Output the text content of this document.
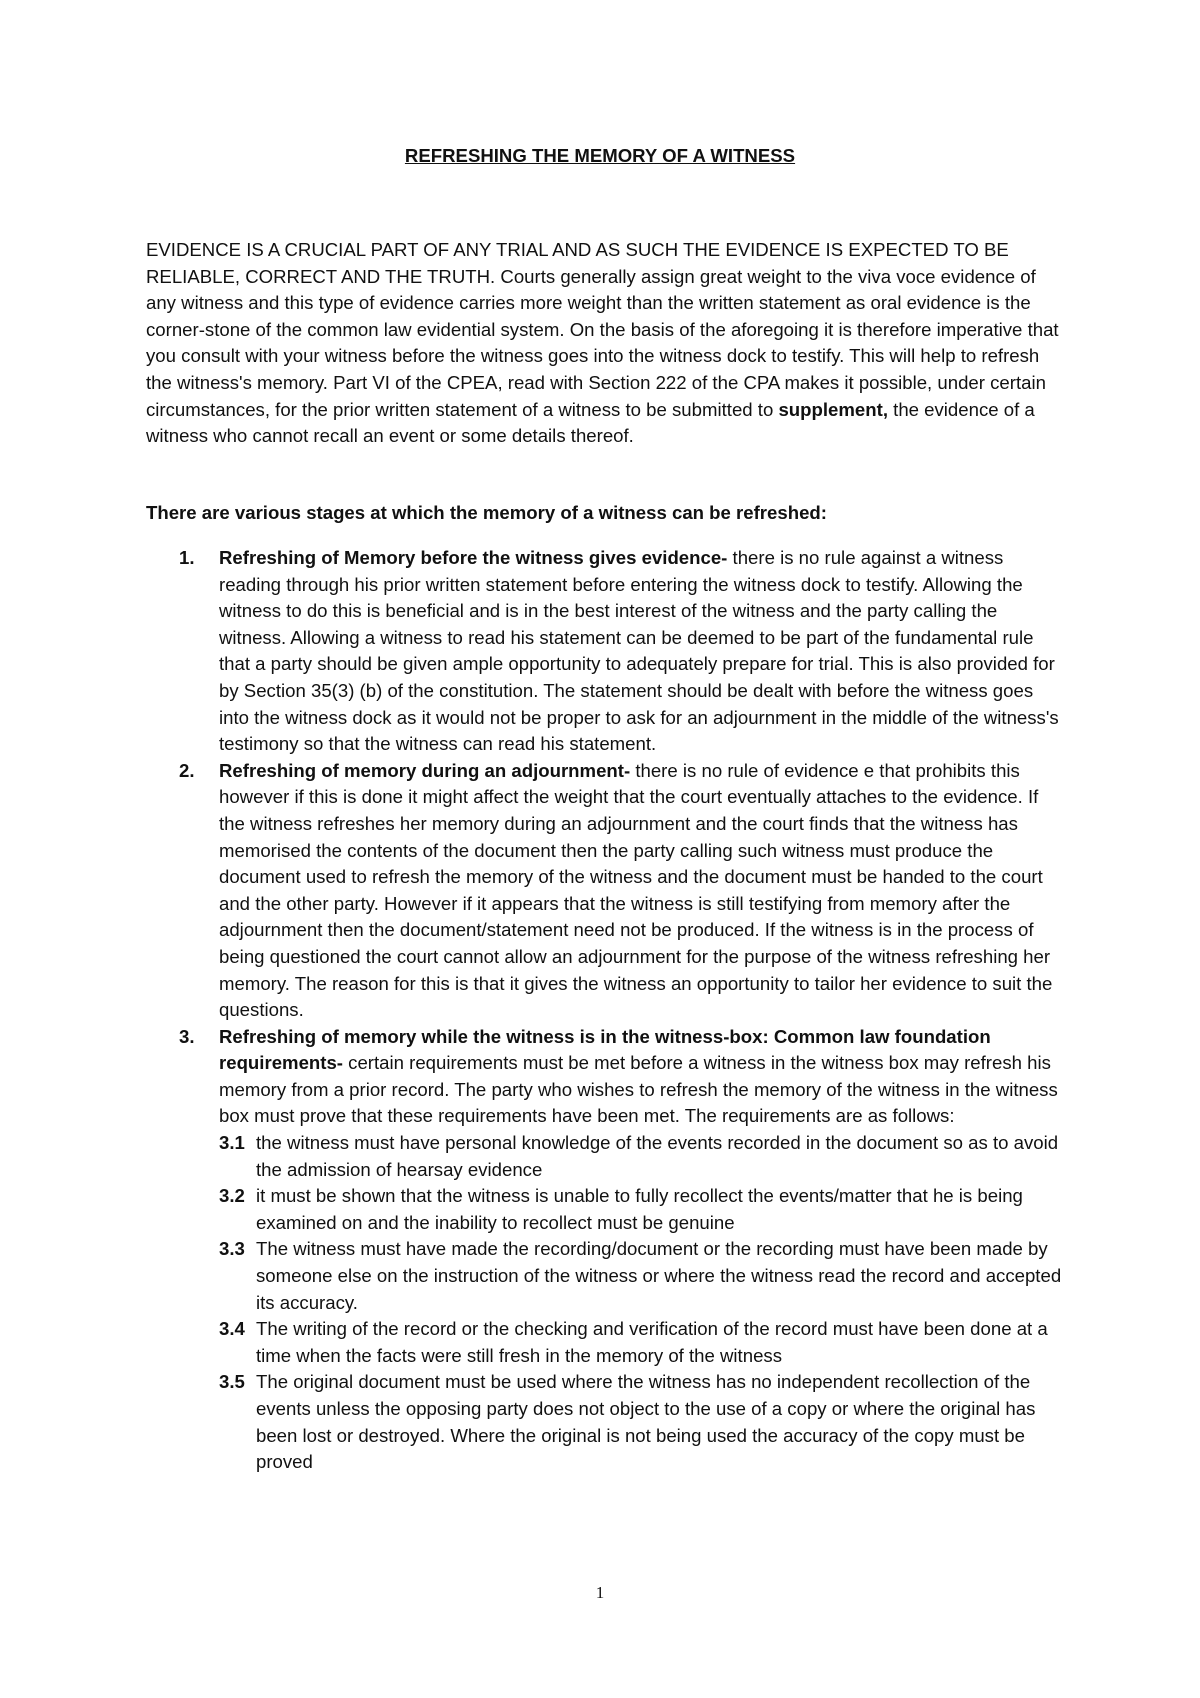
REFRESHING THE MEMORY OF A WITNESS

EVIDENCE IS A CRUCIAL PART OF ANY TRIAL AND AS SUCH THE EVIDENCE IS EXPECTED TO BE RELIABLE, CORRECT AND THE TRUTH. Courts generally assign great weight to the viva voce evidence of any witness and this type of evidence carries more weight than the written statement as oral evidence is the corner-stone of the common law evidential system. On the basis of the aforegoing it is therefore imperative that you consult with your witness before the witness goes into the witness dock to testify. This will help to refresh the witness's memory. Part VI of the CPEA, read with Section 222 of the CPA makes it possible, under certain circumstances, for the prior written statement of a witness to be submitted to supplement, the evidence of a witness who cannot recall an event or some details thereof.

There are various stages at which the memory of a witness can be refreshed:

1. Refreshing of Memory before the witness gives evidence- there is no rule against a witness reading through his prior written statement before entering the witness dock to testify. Allowing the witness to do this is beneficial and is in the best interest of the witness and the party calling the witness. Allowing a witness to read his statement can be deemed to be part of the fundamental rule that a party should be given ample opportunity to adequately prepare for trial. This is also provided for by Section 35(3) (b) of the constitution. The statement should be dealt with before the witness goes into the witness dock as it would not be proper to ask for an adjournment in the middle of the witness's testimony so that the witness can read his statement.
2. Refreshing of memory during an adjournment- there is no rule of evidence e that prohibits this however if this is done it might affect the weight that the court eventually attaches to the evidence. If the witness refreshes her memory during an adjournment and the court finds that the witness has memorised the contents of the document then the party calling such witness must produce the document used to refresh the memory of the witness and the document must be handed to the court and the other party. However if it appears that the witness is still testifying from memory after the adjournment then the document/statement need not be produced. If the witness is in the process of being questioned the court cannot allow an adjournment for the purpose of the witness refreshing her memory. The reason for this is that it gives the witness an opportunity to tailor her evidence to suit the questions.
3. Refreshing of memory while the witness is in the witness-box: Common law foundation requirements- certain requirements must be met before a witness in the witness box may refresh his memory from a prior record. The party who wishes to refresh the memory of the witness in the witness box must prove that these requirements have been met. The requirements are as follows:
3.1 the witness must have personal knowledge of the events recorded in the document so as to avoid the admission of hearsay evidence
3.2 it must be shown that the witness is unable to fully recollect the events/matter that he is being examined on and the inability to recollect must be genuine
3.3 The witness must have made the recording/document or the recording must have been made by someone else on the instruction of the witness or where the witness read the record and accepted its accuracy.
3.4 The writing of the record or the checking and verification of the record must have been done at a time when the facts were still fresh in the memory of the witness
3.5 The original document must be used where the witness has no independent recollection of the events unless the opposing party does not object to the use of a copy or where the original has been lost or destroyed. Where the original is not being used the accuracy of the copy must be proved
1
